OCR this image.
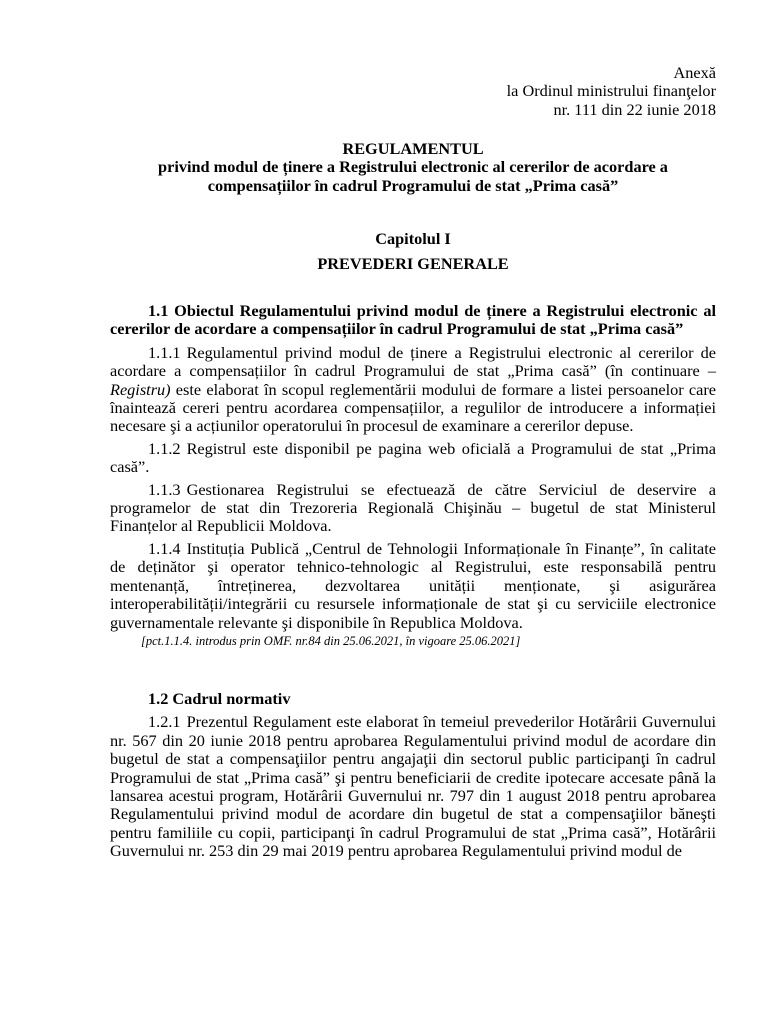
Anexă
la Ordinul ministrului finanţelor
nr. 111 din 22 iunie 2018
REGULAMENTUL
privind modul de ținere a Registrului electronic al cererilor de acordare a
compensațiilor în cadrul Programului de stat „Prima casă”
Capitolul I
PREVEDERI GENERALE

1.1 Obiectul Regulamentului privind modul de ținere a Registrului electronic al cererilor de acordare a compensațiilor în cadrul Programului de stat „Prima casă”

1.1.1 Regulamentul privind modul de ținere a Registrului electronic al cererilor de acordare a compensațiilor în cadrul Programului de stat „Prima casă” (în continuare – Registru) este elaborat în scopul reglementării modului de formare a listei persoanelor care înaintează cereri pentru acordarea compensațiilor, a regulilor de introducere a informației necesare şi a acțiunilor operatorului în procesul de examinare a cererilor depuse.

1.1.2 Registrul este disponibil pe pagina web oficială a Programului de stat „Prima casă”.

1.1.3 Gestionarea Registrului se efectuează de către Serviciul de deservire a programelor de stat din Trezoreria Regională Chişinău – bugetul de stat Ministerul Finanțelor al Republicii Moldova.

1.1.4 Instituția Publică „Centrul de Tehnologii Informaționale în Finanțe”, în calitate de deținător şi operator tehnico-tehnologic al Registrului, este responsabilă pentru mentenanță, întreținerea, dezvoltarea unității menționate, şi asigurărea interoperabilității/integrării cu resursele informaționale de stat şi cu serviciile electronice guvernamentale relevante şi disponibile în Republica Moldova.

[pct.1.1.4. introdus prin OMF. nr.84 din 25.06.2021, în vigoare 25.06.2021]

1.2 Cadrul normativ

1.2.1 Prezentul Regulament este elaborat în temeiul prevederilor Hotărârii Guvernului nr. 567 din 20 iunie 2018 pentru aprobarea Regulamentului privind modul de acordare din bugetul de stat a compensaţiilor pentru angajaţii din sectorul public participanţi în cadrul Programului de stat „Prima casă” şi pentru beneficiarii de credite ipotecare accesate până la lansarea acestui program, Hotărârii Guvernului nr. 797 din 1 august 2018 pentru aprobarea Regulamentului privind modul de acordare din bugetul de stat a compensaţiilor băneşti pentru familiile cu copii, participanţi în cadrul Programului de stat „Prima casă”, Hotărârii Guvernului nr. 253 din 29 mai 2019 pentru aprobarea Regulamentului privind modul de
